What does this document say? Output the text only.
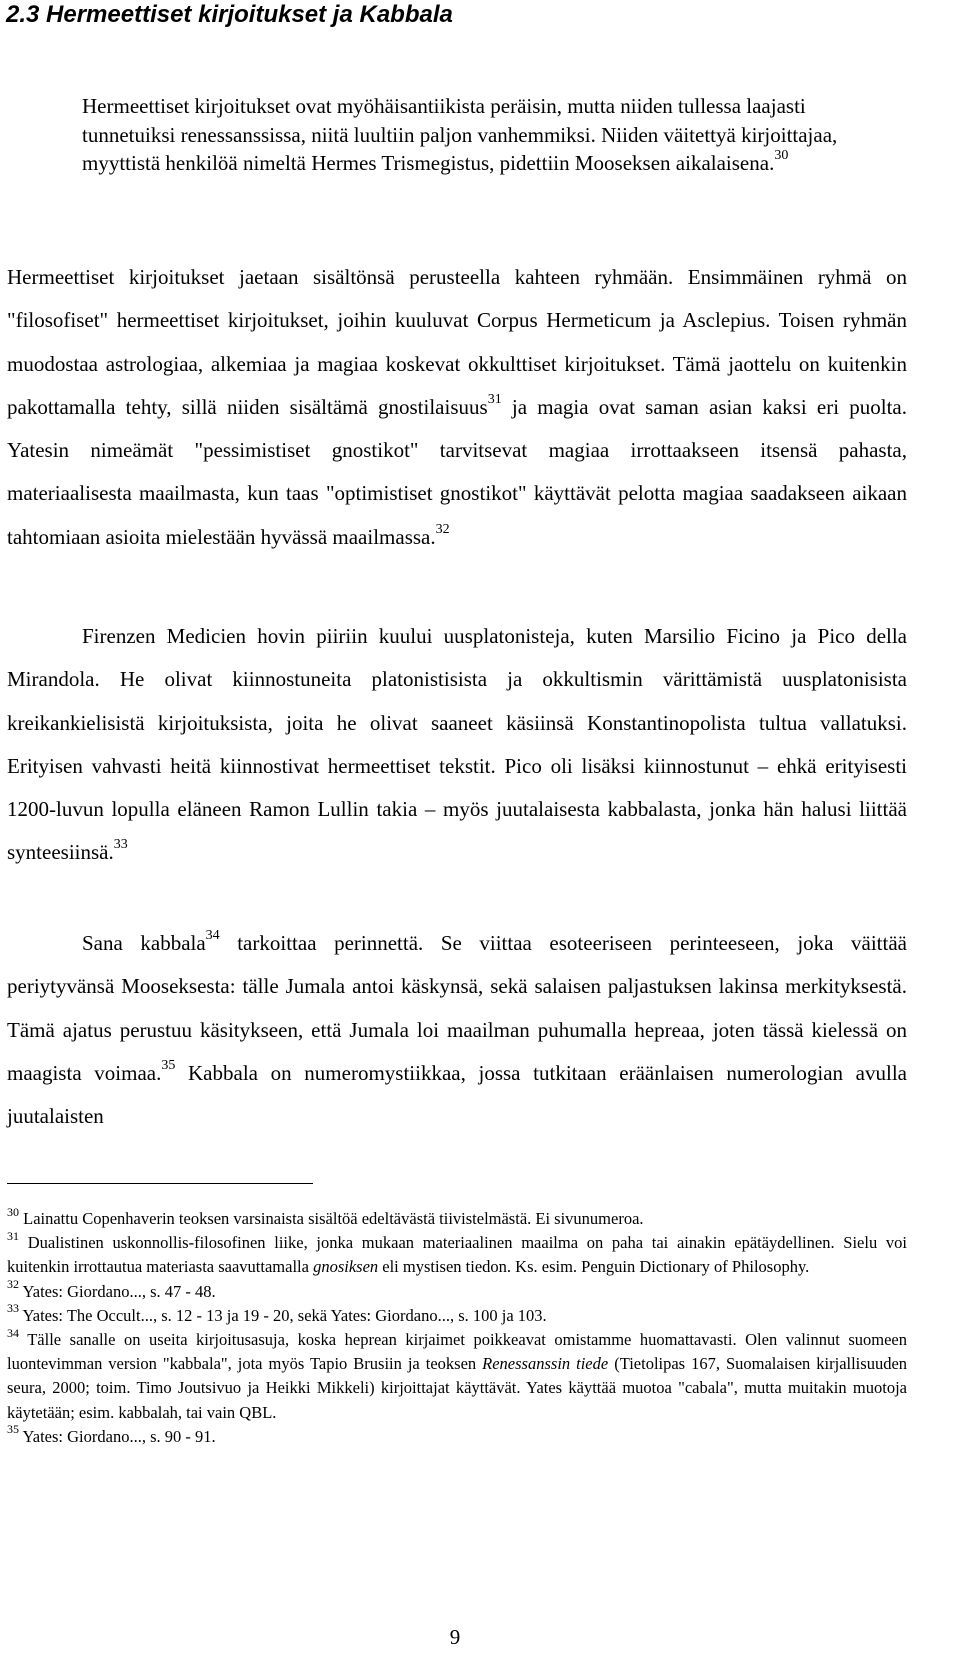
2.3 Hermeettiset kirjoitukset ja Kabbala

Hermeettiset kirjoitukset ovat myöhäisantiikista peräisin, mutta niiden tullessa laajasti tunnetuiksi renessanssissa, niitä luultiin paljon vanhemmiksi. Niiden väitettyä kirjoittajaa, myyttistä henkilöä nimeltä Hermes Trismegistus, pidettiin Mooseksen aikalaisena.$^{30}$

Hermeettiset kirjoitukset jaetaan sisältönsä perusteella kahteen ryhmään. Ensimmäinen ryhmä on "filosofiset" hermeettiset kirjoitukset, joihin kuuluvat Corpus Hermeticum ja Asclepius. Toisen ryhmän muodostaa astrologiaa, alkemiaa ja magiaa koskevat okkulttiset kirjoitukset. Tämä jaottelu on kuitenkin pakottamalla tehty, sillä niiden sisältämä gnostilaisuus$^{31}$ ja magia ovat saman asian kaksi eri puolta. Yatesin nimeämät "pessimistiset gnostikot" tarvitsevat magiaa irrottaakseen itsensä pahasta, materiaalisesta maailmasta, kun taas "optimistiset gnostikot" käyttävät pelotta magiaa saadakseen aikaan tahtomiaan asioita mielestään hyvässä maailmassa.$^{32}$

Firenzen Medicien hovin piiriin kuului uusplatonisteja, kuten Marsilio Ficino ja Pico della Mirandola. He olivat kiinnostuneita platonistisista ja okkultismin värittämistä uusplatonisista kreikankielisistä kirjoituksista, joita he olivat saaneet käsiinsä Konstantinopolista tultua vallatuksi. Erityisen vahvasti heitä kiinnostivat hermeettiset tekstit. Pico oli lisäksi kiinnostunut – ehkä erityisesti 1200-luvun lopulla eläneen Ramon Lullin takia – myös juutalaisesta kabbalasta, jonka hän halusi liittää synteesiinsä.$^{33}$

Sana kabbala$^{34}$ tarkoittaa perinnettä. Se viittaa esoteeriseen perinteeseen, joka väittää periytyvänsä Mooseksesta: tälle Jumala antoi käskynsä, sekä salaisen paljastuksen lakinsa merkityksestä. Tämä ajatus perustuu käsitykseen, että Jumala loi maailman puhumalla hepreaa, joten tässä kielessä on maagista voimaa.$^{35}$ Kabbala on numeromystiikkaa, jossa tutkitaan eräänlaisen numerologian avulla juutalaisten

$^{30}$ Lainattu Copenhaverin teoksen varsinaista sisältöä edeltävästä tiivistelmästä. Ei sivunumeroa.

$^{31}$ Dualistinen uskonnollis-filosofinen liike, jonka mukaan materiaalinen maailma on paha tai ainakin epätäydellinen. Sielu voi kuitenkin irrottautua materiasta saavuttamalla gnosiksen eli mystisen tiedon. Ks. esim. Penguin Dictionary of Philosophy.

$^{32}$ Yates: Giordano..., s. 47 - 48.

$^{33}$ Yates: The Occult..., s. 12 - 13 ja 19 - 20, sekä Yates: Giordano..., s. 100 ja 103.

$^{34}$ Tälle sanalle on useita kirjoitusasuja, koska heprean kirjaimet poikkeavat omistamme huomattavasti. Olen valinnut suomeen luontevimman version "kabbala", jota myös Tapio Brusiin ja teoksen Renessanssin tiede (Tietolipas 167, Suomalaisen kirjallisuuden seura, 2000; toim. Timo Joutsivuo ja Heikki Mikkeli) kirjoittajat käyttävät. Yates käyttää muotoa "cabala", mutta muitakin muotoja käytetään; esim. kabbalah, tai vain QBL.

$^{35}$ Yates: Giordano..., s. 90 - 91.

9
